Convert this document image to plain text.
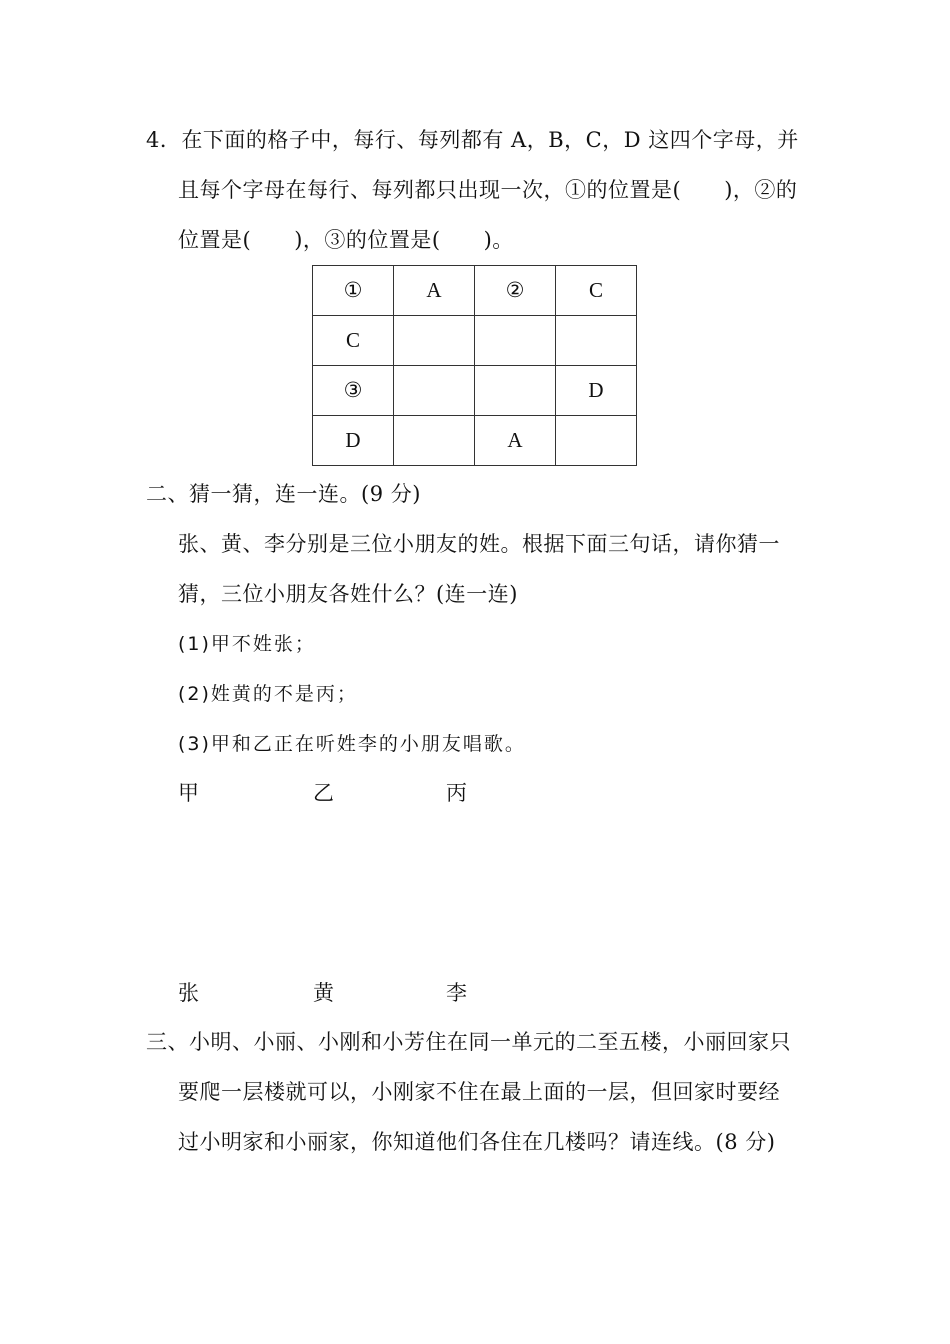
4．在下面的格子中，每行、每列都有 A，B，C，D 这四个字母，并
且每个字母在每行、每列都只出现一次，①的位置是(　　)，②的
位置是(　　)，③的位置是(　　)。
①	A	②	C
C			
③			D
D		A	
二、猜一猜，连一连。(9 分)
张、黄、李分别是三位小朋友的姓。根据下面三句话，请你猜一
猜，三位小朋友各姓什么？(连一连)
(1)甲不姓张；
(2)姓黄的不是丙；
(3)甲和乙正在听姓李的小朋友唱歌。
甲	乙	丙
张	黄	李
三、小明、小丽、小刚和小芳住在同一单元的二至五楼，小丽回家只
要爬一层楼就可以，小刚家不住在最上面的一层，但回家时要经
过小明家和小丽家，你知道他们各住在几楼吗？请连线。(8 分)
